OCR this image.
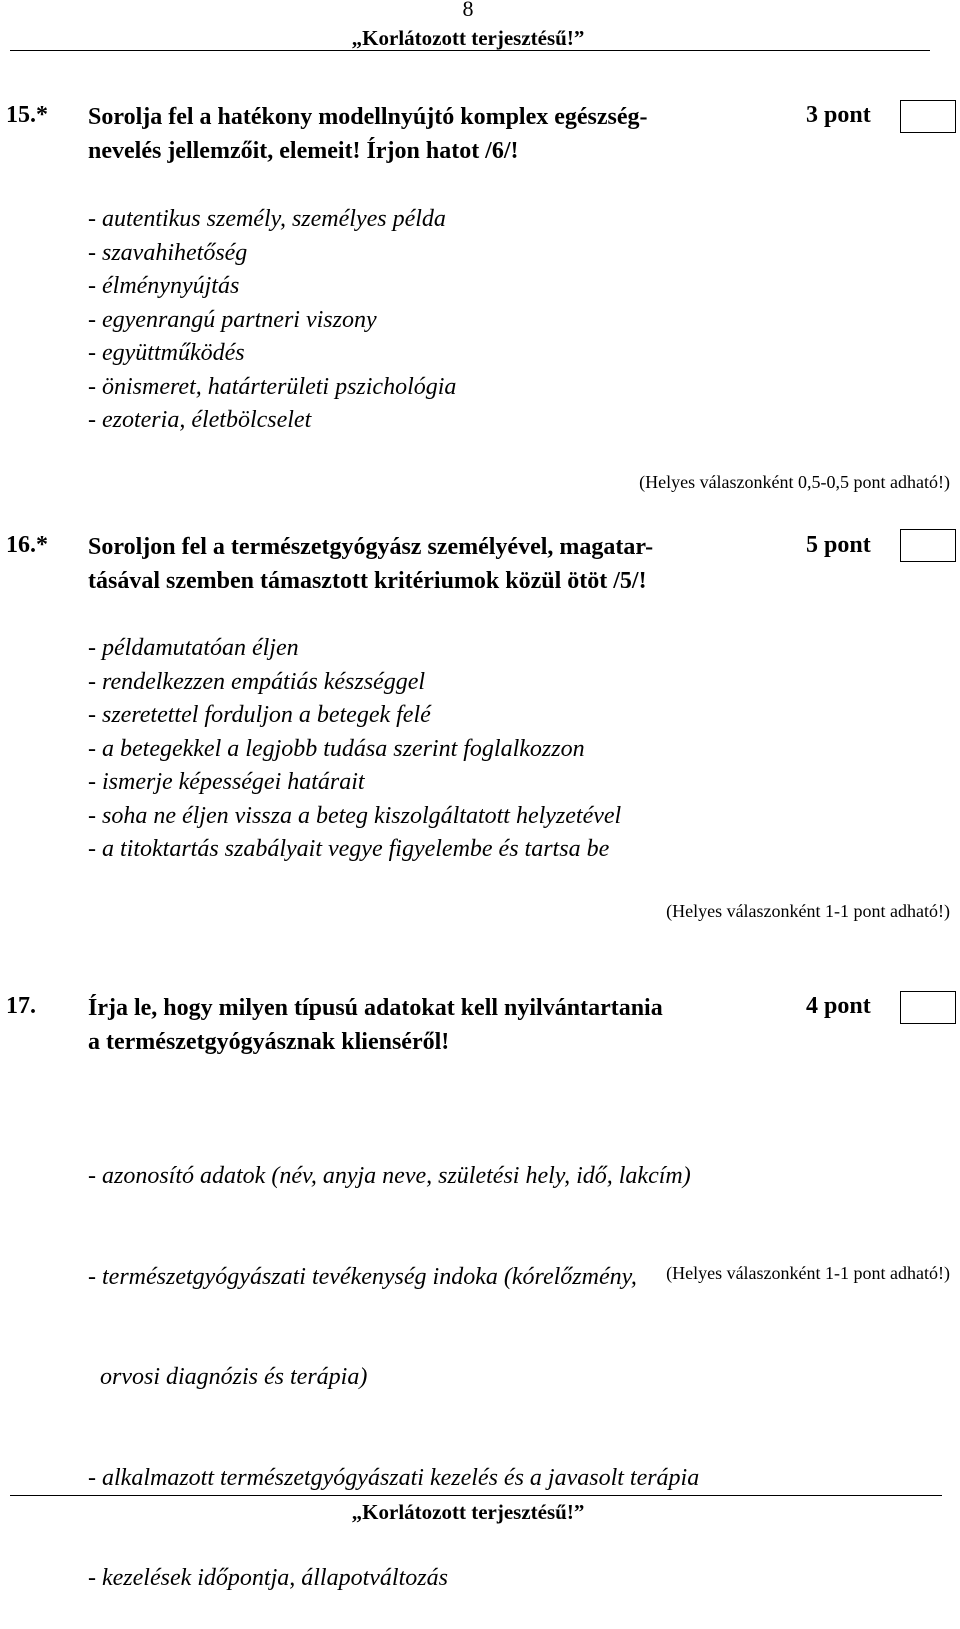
8
„Korlátozott terjesztésű!”
15.* Sorolja fel a hatékony modellnyújtó komplex egészség-
nevelés jellemzőit, elemeit! Írjon hatot /6/!
3 pont
- autentikus személy, személyes példa
- szavahihetőség
- élménynyújtás
- egyenrangú partneri viszony
- együttműködés
- önismeret, határterületi pszichológia
- ezoteria, életbölcselet
(Helyes válaszonként 0,5-0,5 pont adható!)
16.* Soroljon fel a természetgyógyász személyével, magatar-
tásával szemben támasztott kritériumok közül ötöt /5/!
5 pont
- példamutatóan éljen
- rendelkezzen empátiás készséggel
- szeretettel forduljon a betegek felé
- a betegekkel a legjobb tudása szerint foglalkozzon
- ismerje képességei határait
- soha ne éljen vissza a beteg kiszolgáltatott helyzetével
- a titoktartás szabályait vegye figyelembe és tartsa be
(Helyes válaszonként 1-1 pont adható!)
17. Írja le, hogy milyen típusú adatokat kell nyilvántartania
a természetgyógyásznak klienséről!
4 pont

- azonosító adatok (név, anyja neve, születési hely, idő, lakcím)

- természetgyógyászati tevékenység indoka (kórelőzmény,

orvosi diagnózis és terápia)

- alkalmazott természetgyógyászati kezelés és a javasolt terápia

- kezelések időpontja, állapotváltozás

(Helyes válaszonként 1-1 pont adható!)
„Korlátozott terjesztésű!”
